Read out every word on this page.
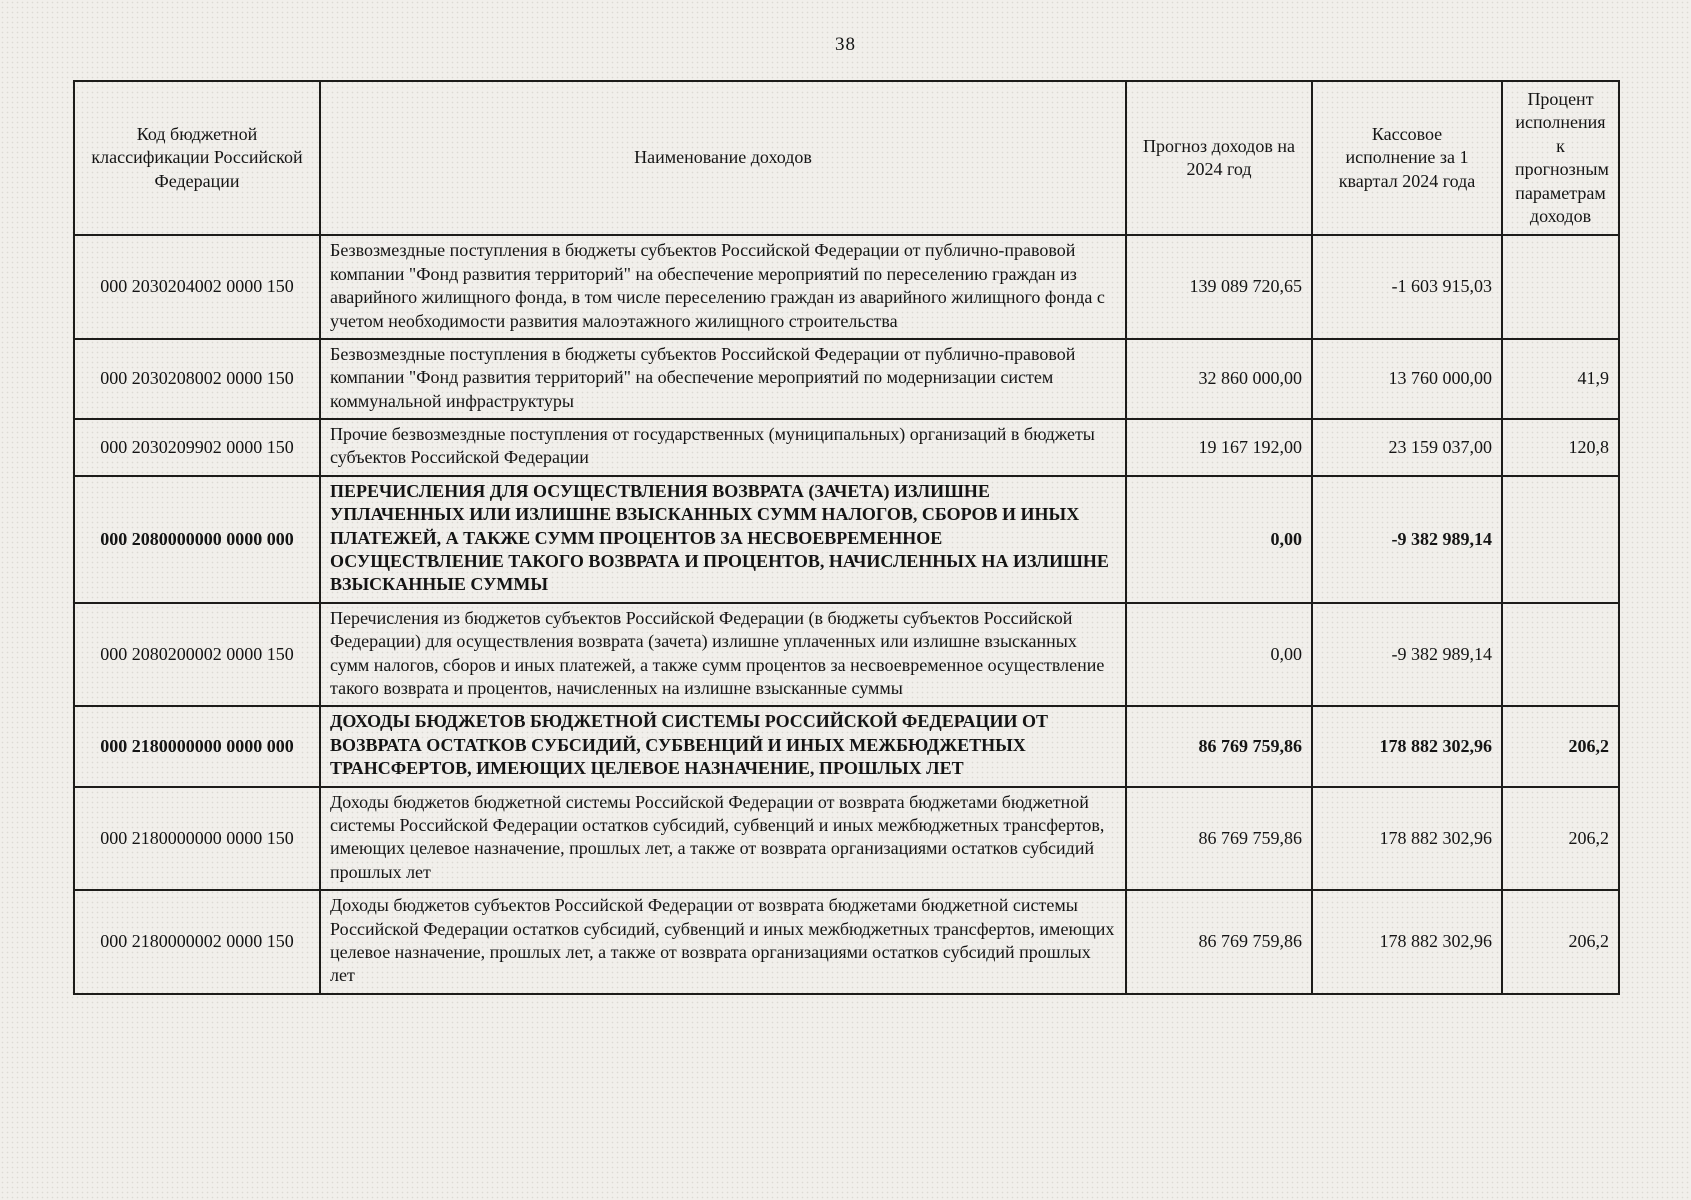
38
Код бюджетной классификации Российской Федерации	Наименование доходов	Прогноз доходов на 2024 год	Кассовое исполнение за 1 квартал 2024 года	Процент исполнения к прогнозным параметрам доходов
000 2030204002 0000 150	Безвозмездные поступления в бюджеты субъектов Российской Федерации от публично-правовой компании "Фонд развития территорий" на обеспечение мероприятий по переселению граждан из аварийного жилищного фонда, в том числе переселению граждан из аварийного жилищного фонда с учетом необходимости развития малоэтажного жилищного строительства	139 089 720,65	-1 603 915,03	
000 2030208002 0000 150	Безвозмездные поступления в бюджеты субъектов Российской Федерации от публично-правовой компании "Фонд развития территорий" на обеспечение мероприятий по модернизации систем коммунальной инфраструктуры	32 860 000,00	13 760 000,00	41,9
000 2030209902 0000 150	Прочие безвозмездные поступления от государственных (муниципальных) организаций в бюджеты субъектов Российской Федерации	19 167 192,00	23 159 037,00	120,8
000 2080000000 0000 000	ПЕРЕЧИСЛЕНИЯ ДЛЯ ОСУЩЕСТВЛЕНИЯ ВОЗВРАТА (ЗАЧЕТА) ИЗЛИШНЕ УПЛАЧЕННЫХ ИЛИ ИЗЛИШНЕ ВЗЫСКАННЫХ СУММ НАЛОГОВ, СБОРОВ И ИНЫХ ПЛАТЕЖЕЙ, А ТАКЖЕ СУММ ПРОЦЕНТОВ ЗА НЕСВОЕВРЕМЕННОЕ ОСУЩЕСТВЛЕНИЕ ТАКОГО ВОЗВРАТА И ПРОЦЕНТОВ, НАЧИСЛЕННЫХ НА ИЗЛИШНЕ ВЗЫСКАННЫЕ СУММЫ	0,00	-9 382 989,14	
000 2080200002 0000 150	Перечисления из бюджетов субъектов Российской Федерации (в бюджеты субъектов Российской Федерации) для осуществления возврата (зачета) излишне уплаченных или излишне взысканных сумм налогов, сборов и иных платежей, а также сумм процентов за несвоевременное осуществление такого возврата и процентов, начисленных на излишне взысканные суммы	0,00	-9 382 989,14	
000 2180000000 0000 000	ДОХОДЫ БЮДЖЕТОВ БЮДЖЕТНОЙ СИСТЕМЫ РОССИЙСКОЙ ФЕДЕРАЦИИ ОТ ВОЗВРАТА ОСТАТКОВ СУБСИДИЙ, СУБВЕНЦИЙ И ИНЫХ МЕЖБЮДЖЕТНЫХ ТРАНСФЕРТОВ, ИМЕЮЩИХ ЦЕЛЕВОЕ НАЗНАЧЕНИЕ, ПРОШЛЫХ ЛЕТ	86 769 759,86	178 882 302,96	206,2
000 2180000000 0000 150	Доходы бюджетов бюджетной системы Российской Федерации от возврата бюджетами бюджетной системы Российской Федерации остатков субсидий, субвенций и иных межбюджетных трансфертов, имеющих целевое назначение, прошлых лет, а также от возврата организациями остатков субсидий прошлых лет	86 769 759,86	178 882 302,96	206,2
000 2180000002 0000 150	Доходы бюджетов субъектов Российской Федерации от возврата бюджетами бюджетной системы Российской Федерации остатков субсидий, субвенций и иных межбюджетных трансфертов, имеющих целевое назначение, прошлых лет, а также от возврата организациями остатков субсидий прошлых лет	86 769 759,86	178 882 302,96	206,2
